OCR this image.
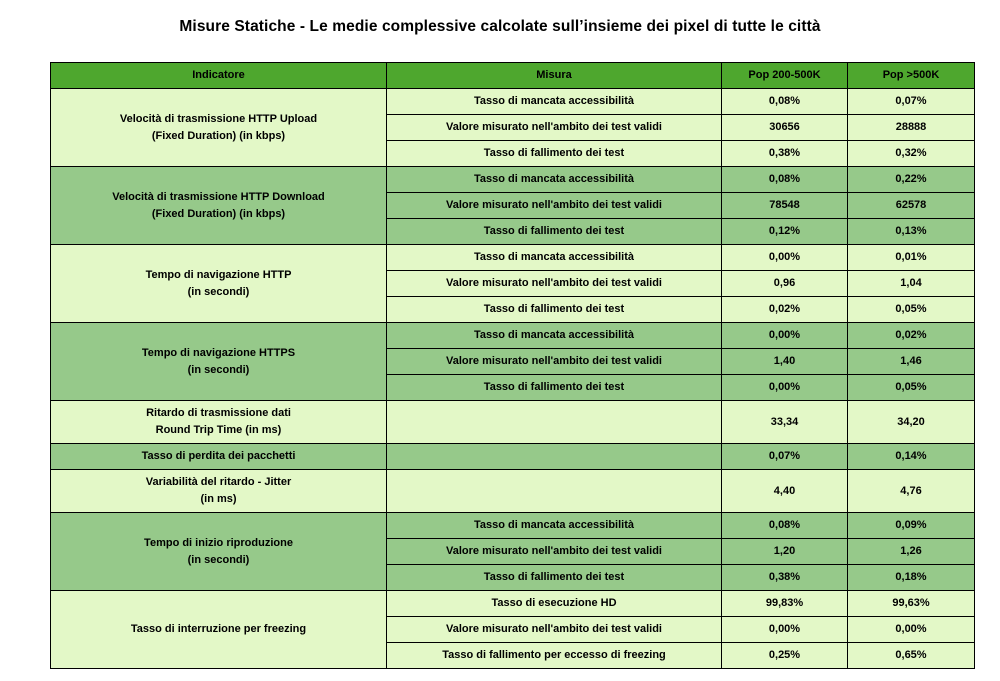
Misure Statiche - Le medie complessive calcolate sull’insieme dei pixel di tutte le città
Indicatore	Misura	Pop 200-500K	Pop >500K

Velocità di trasmissione HTTP Upload
(Fixed Duration) (in kbps)	Tasso di mancata accessibilità	0,08%	0,07%
	Valore misurato nell'ambito dei test validi	30656	28888
	Tasso di fallimento dei test	0,38%	0,32%

Velocità di trasmissione HTTP Download
(Fixed Duration) (in kbps)	Tasso di mancata accessibilità	0,08%	0,22%
	Valore misurato nell'ambito dei test validi	78548	62578
	Tasso di fallimento dei test	0,12%	0,13%

Tempo di navigazione HTTP
(in secondi)	Tasso di mancata accessibilità	0,00%	0,01%
	Valore misurato nell'ambito dei test validi	0,96	1,04
	Tasso di fallimento dei test	0,02%	0,05%

Tempo di navigazione HTTPS
(in secondi)	Tasso di mancata accessibilità	0,00%	0,02%
	Valore misurato nell'ambito dei test validi	1,40	1,46
	Tasso di fallimento dei test	0,00%	0,05%

Ritardo di trasmissione dati
Round Trip Time (in ms)		33,34	34,20

Tasso di perdita dei pacchetti		0,07%	0,14%

Variabilità del ritardo - Jitter
(in ms)		4,40	4,76

Tempo di inizio riproduzione
(in secondi)	Tasso di mancata accessibilità	0,08%	0,09%
	Valore misurato nell'ambito dei test validi	1,20	1,26
	Tasso di fallimento dei test	0,38%	0,18%

Tasso di interruzione per freezing	Tasso di esecuzione HD	99,83%	99,63%
	Valore misurato nell'ambito dei test validi	0,00%	0,00%
	Tasso di fallimento per eccesso di freezing	0,25%	0,65%
